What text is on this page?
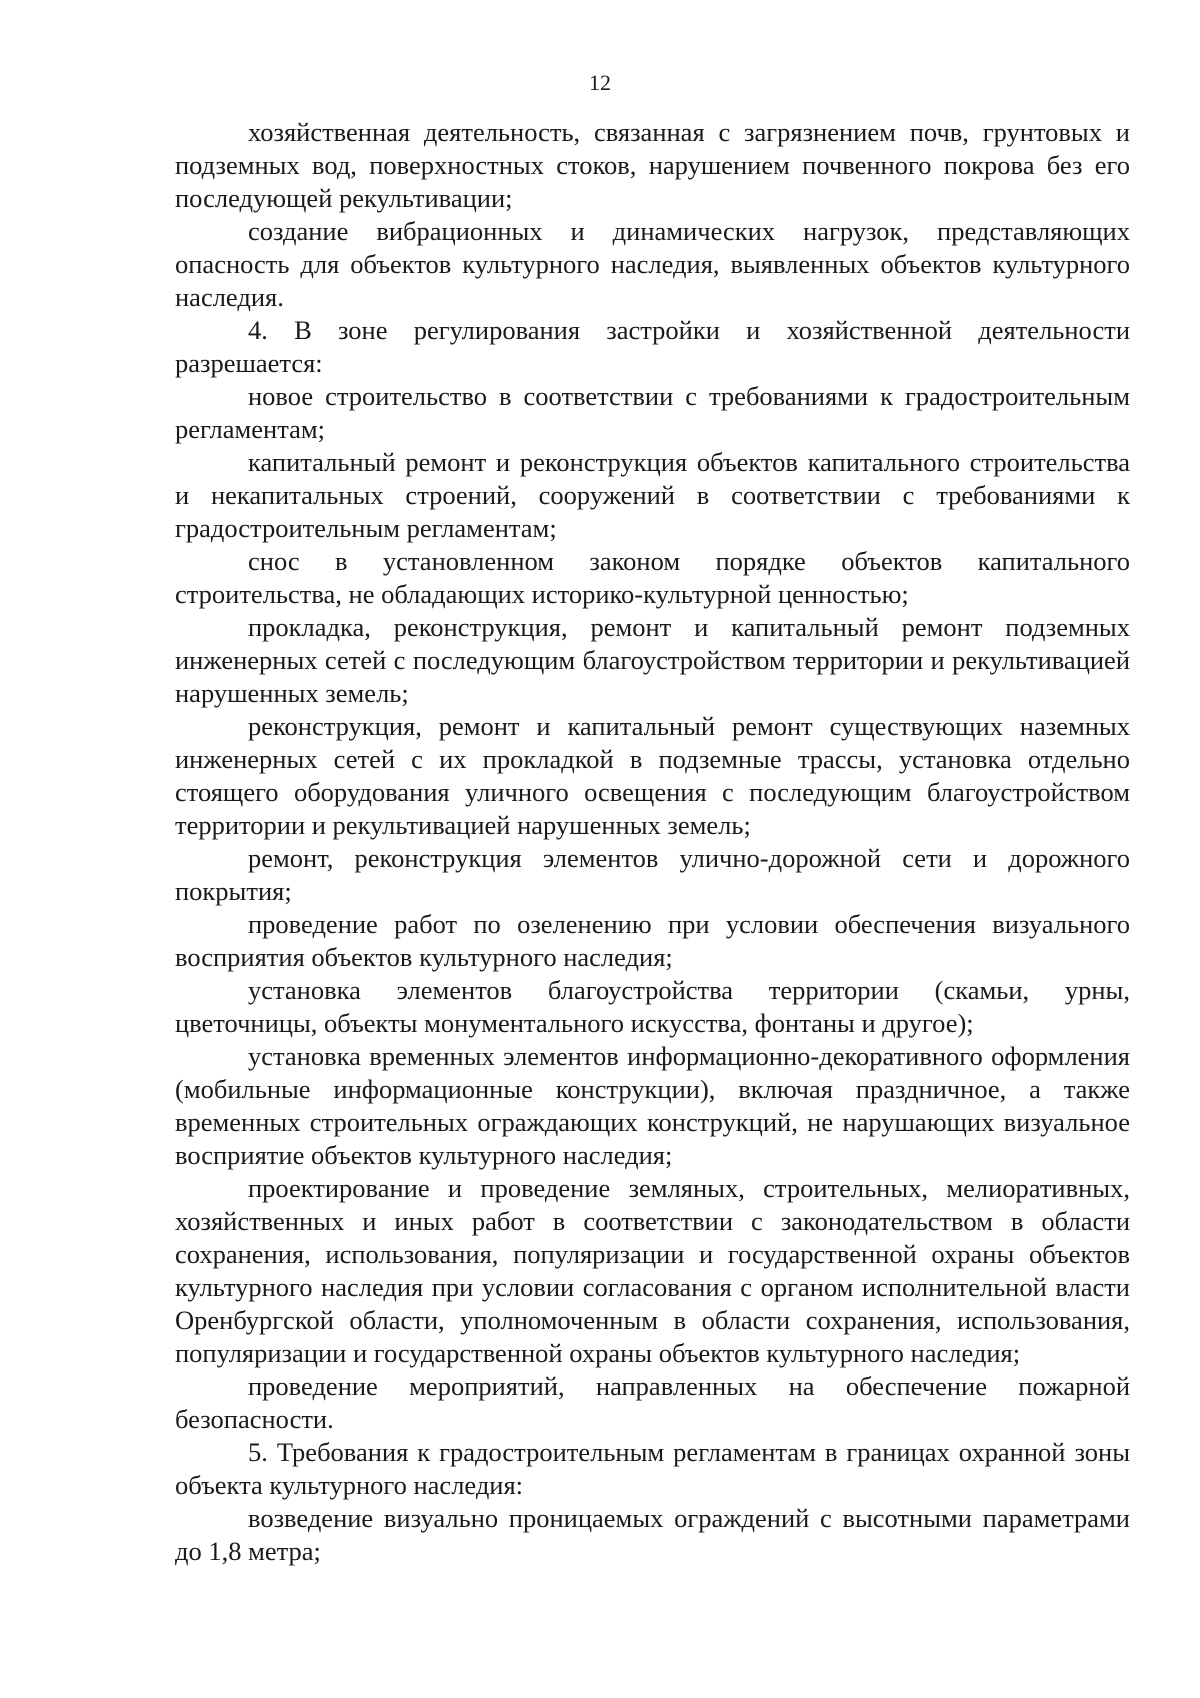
12

хозяйственная деятельность, связанная с загрязнением почв, грунтовых и подземных вод, поверхностных стоков, нарушением почвенного покрова без его последующей рекультивации;

создание вибрационных и динамических нагрузок, представляющих опасность для объектов культурного наследия, выявленных объектов культурного наследия.

4. В зоне регулирования застройки и хозяйственной деятельности разрешается:

новое строительство в соответствии с требованиями к градостроительным регламентам;

капитальный ремонт и реконструкция объектов капитального строительства и некапитальных строений, сооружений в соответствии с требованиями к градостроительным регламентам;

снос в установленном законом порядке объектов капитального строительства, не обладающих историко-культурной ценностью;

прокладка, реконструкция, ремонт и капитальный ремонт подземных инженерных сетей с последующим благоустройством территории и рекультивацией нарушенных земель;

реконструкция, ремонт и капитальный ремонт существующих наземных инженерных сетей с их прокладкой в подземные трассы, установка отдельно стоящего оборудования уличного освещения с последующим благоустройством территории и рекультивацией нарушенных земель;

ремонт, реконструкция элементов улично-дорожной сети и дорожного покрытия;

проведение работ по озеленению при условии обеспечения визуального восприятия объектов культурного наследия;

установка элементов благоустройства территории (скамьи, урны, цветочницы, объекты монументального искусства, фонтаны и другое);

установка временных элементов информационно-декоративного оформления (мобильные информационные конструкции), включая праздничное, а также временных строительных ограждающих конструкций, не нарушающих визуальное восприятие объектов культурного наследия;

проектирование и проведение земляных, строительных, мелиоративных, хозяйственных и иных работ в соответствии с законодательством в области сохранения, использования, популяризации и государственной охраны объектов культурного наследия при условии согласования с органом исполнительной власти Оренбургской области, уполномоченным в области сохранения, использования, популяризации и государственной охраны объектов культурного наследия;

проведение мероприятий, направленных на обеспечение пожарной безопасности.

5. Требования к градостроительным регламентам в границах охранной зоны объекта культурного наследия:

возведение визуально проницаемых ограждений с высотными параметрами до 1,8 метра;
